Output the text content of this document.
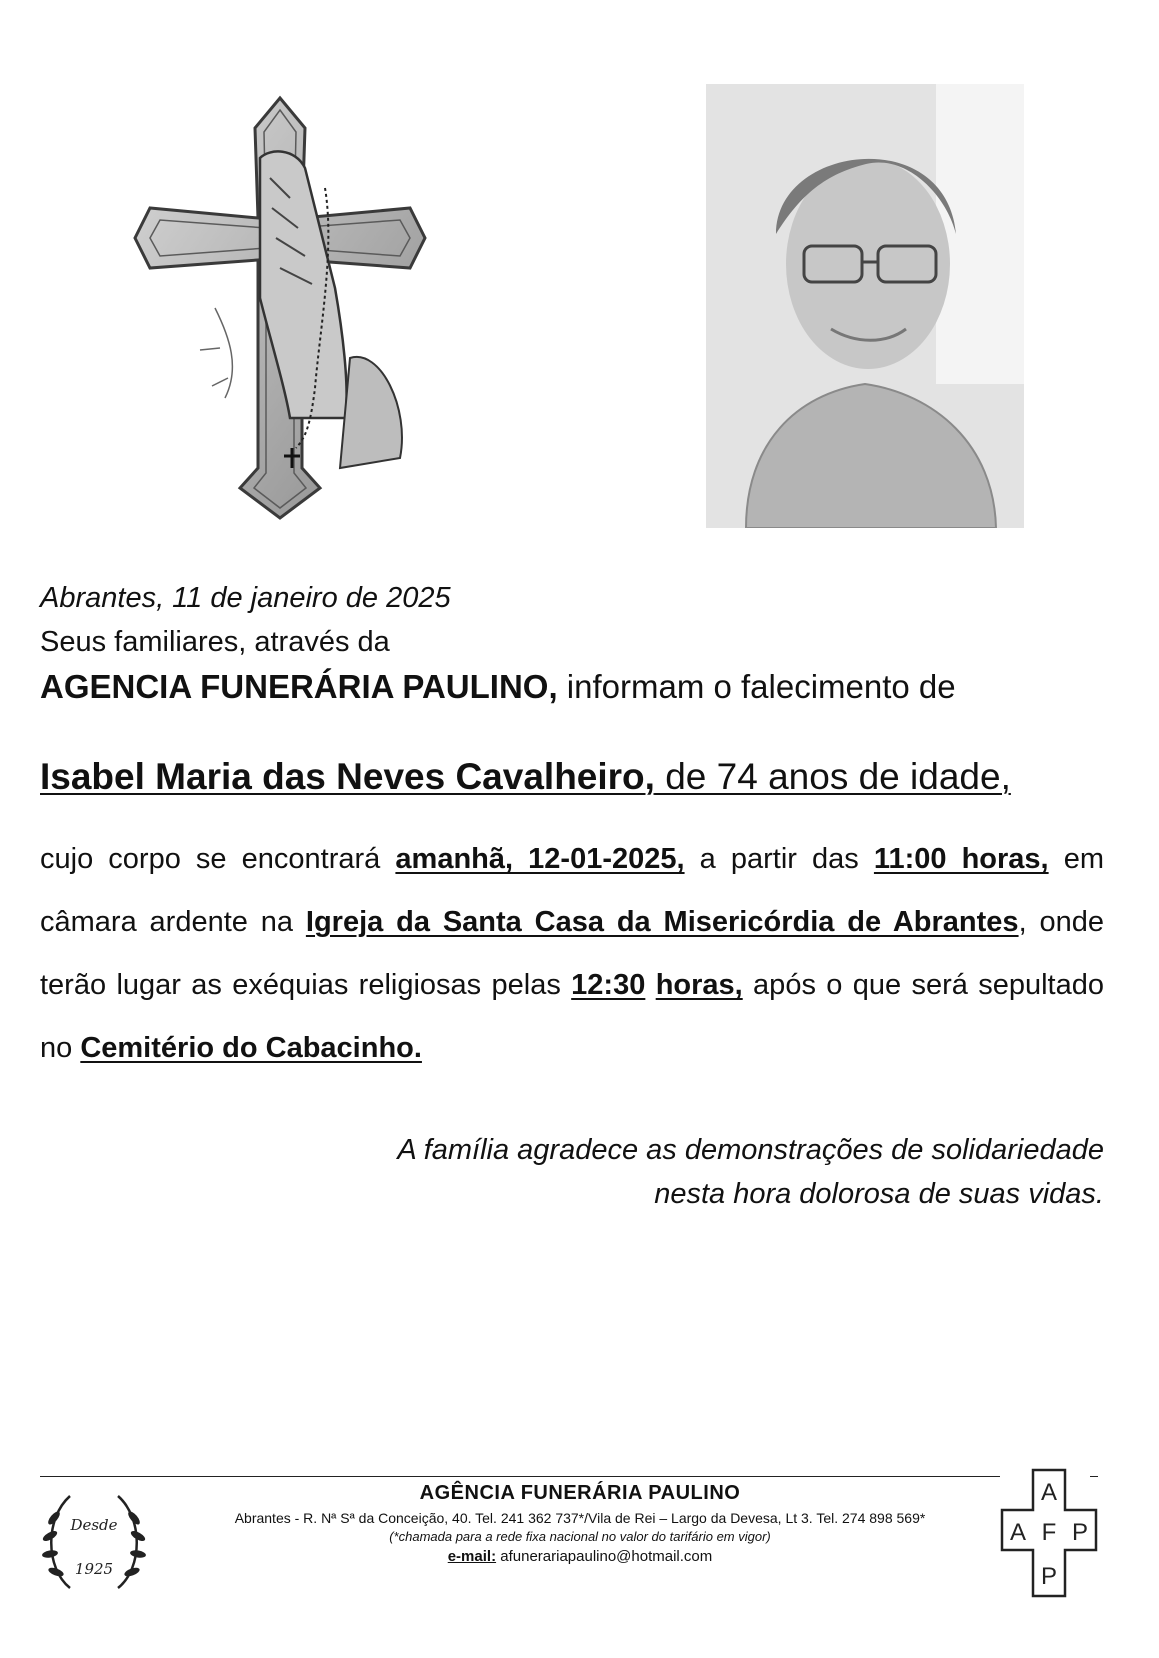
Abrantes, 11 de janeiro de 2025
Seus familiares, através da
AGENCIA FUNERÁRIA PAULINO, informam o falecimento de
Isabel Maria das Neves Cavalheiro, de 74 anos de idade,
cujo corpo se encontrará amanhã, 12-01-2025, a partir das 11:00 horas, em câmara ardente na Igreja da Santa Casa da Misericórdia de Abrantes, onde terão lugar as exéquias religiosas pelas 12:30 horas, após o que será sepultado no Cemitério do Cabacinho.
A família agradece as demonstrações de solidariedade
nesta hora dolorosa de suas vidas.
Desde
1925
AGÊNCIA FUNERÁRIA PAULINO
Abrantes - R. Nª Sª da Conceição, 40. Tel. 241 362 737*/Vila de Rei – Largo da Devesa, Lt 3. Tel. 274 898 569*
(*chamada para a rede fixa nacional no valor do tarifário em vigor)
e-mail: afunerariapaulino@hotmail.com
A
A F P
P
